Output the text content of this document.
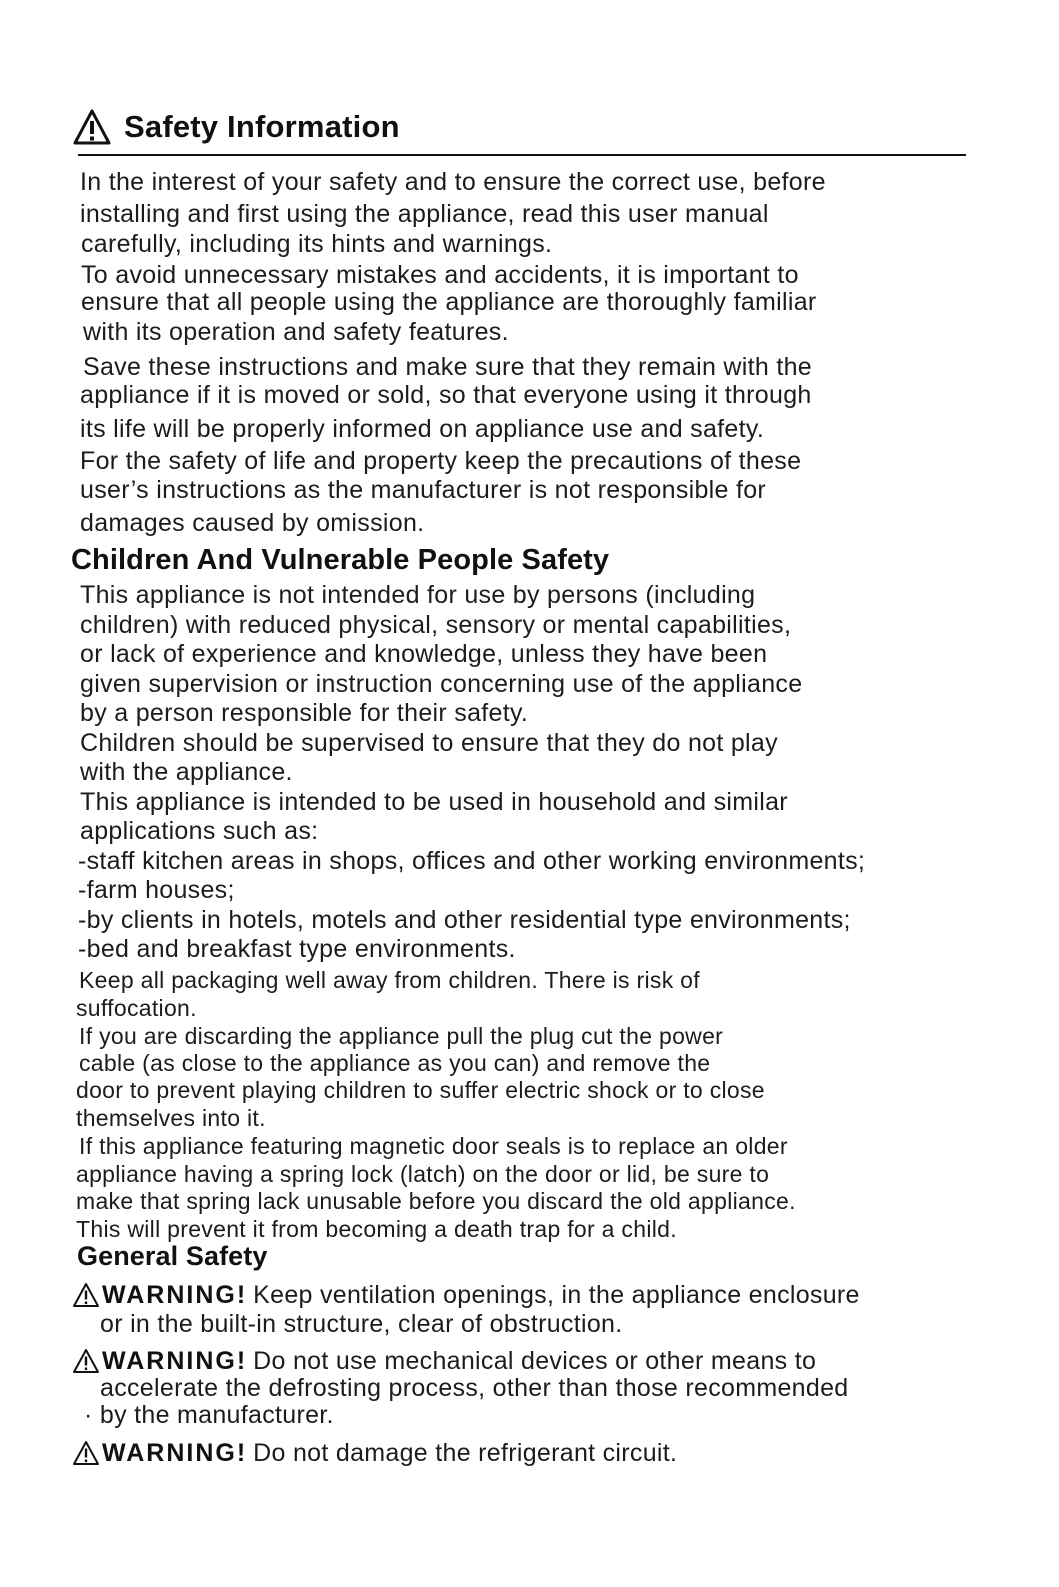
Safety Information
In the interest of your safety and to ensure the correct use, before
installing and first using the appliance, read this user manual
carefully, including its hints and warnings.
To avoid unnecessary mistakes and accidents, it is important to
ensure that all people using the appliance are thoroughly familiar
with its operation and safety features.
Save these instructions and make sure that they remain with the
appliance if it is moved or sold, so that everyone using it through
its life will be properly informed on appliance use and safety.
For the safety of life and property keep the precautions of these
user’s instructions as the manufacturer is not responsible for
damages caused by omission.
Children And Vulnerable People Safety
This appliance is not intended for use by persons (including
children) with reduced physical, sensory or mental capabilities,
or lack of experience and knowledge, unless they have been
given supervision or instruction concerning use of the appliance
by a person responsible for their safety.
Children should be supervised to ensure that they do not play
with the appliance.
This appliance is intended to be used in household and similar
applications such as:
-staff kitchen areas in shops, offices and other working environments;
-farm houses;
-by clients in hotels, motels and other residential type environments;
-bed and breakfast type environments.
Keep all packaging well away from children. There is risk of
suffocation.
If you are discarding the appliance pull the plug cut the power
cable (as close to the appliance as you can) and remove the
door to prevent playing children to suffer electric shock or to close
themselves into it.
If this appliance featuring magnetic door seals is to replace an older
appliance having a spring lock (latch) on the door or lid, be sure to
make that spring lack unusable before you discard the old appliance.
This will prevent it from becoming a death trap for a child.
General Safety
WARNING! Keep ventilation openings, in the appliance enclosure
or in the built-in structure, clear of obstruction.
WARNING! Do not use mechanical devices or other means to
accelerate the defrosting process, other than those recommended
· by the manufacturer.
WARNING! Do not damage the refrigerant circuit.
